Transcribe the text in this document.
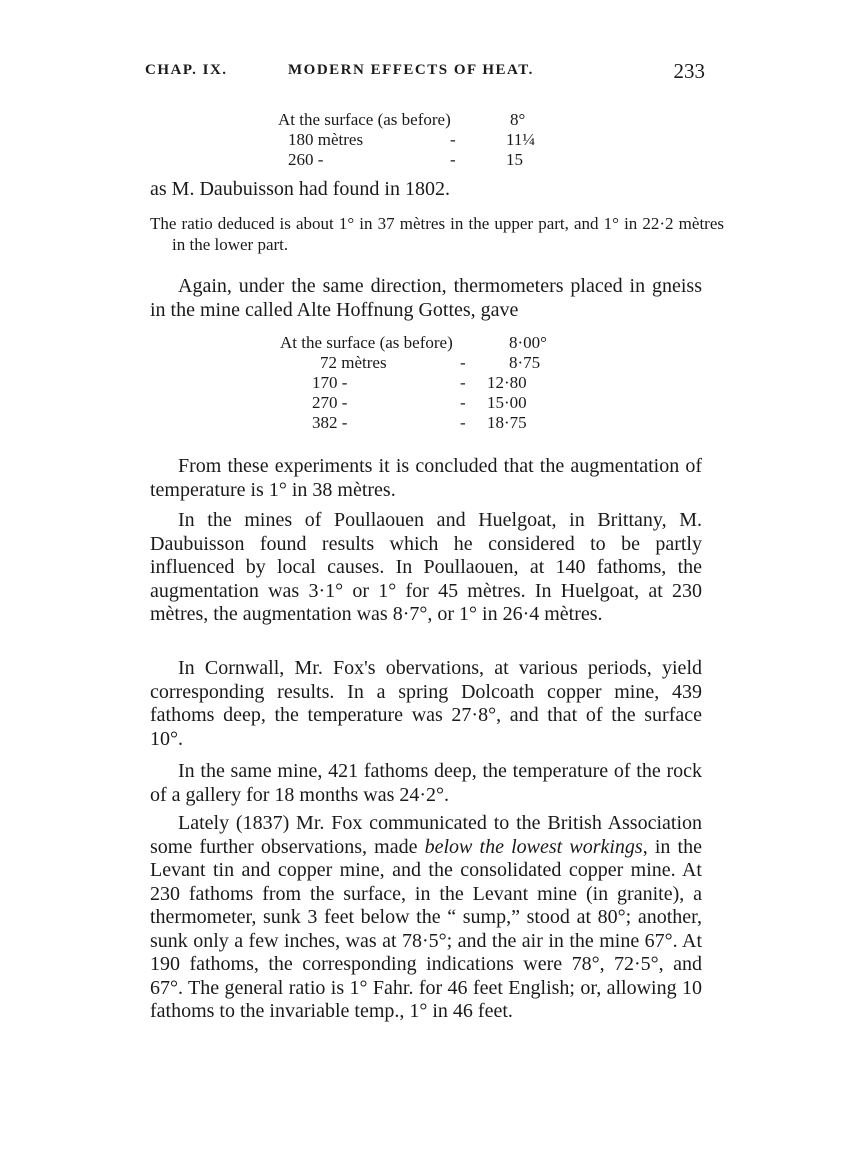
CHAP. IX.	MODERN EFFECTS OF HEAT.	233
At the surface (as before)	8°
180 mètres	-	11¼
260 -	-	15
as M. Daubuisson had found in 1802.
The ratio deduced is about 1° in 37 mètres in the upper part, and 1° in 22·2 mètres in the lower part.
Again, under the same direction, thermometers placed in gneiss in the mine called Alte Hoffnung Gottes, gave
At the surface (as before)	8·00°
72 mètres	-	8·75
170 -	- 12·80
270 -	- 15·00
382 -	- 18·75
From these experiments it is concluded that the augmentation of temperature is 1° in 38 mètres.
In the mines of Poullaouen and Huelgoat, in Brittany, M. Daubuisson found results which he considered to be partly influenced by local causes. In Poullaouen, at 140 fathoms, the augmentation was 3·1° or 1° for 45 mètres. In Huelgoat, at 230 mètres, the augmentation was 8·7°, or 1° in 26·4 mètres.
In Cornwall, Mr. Fox's obervations, at various periods, yield corresponding results. In a spring Dolcoath copper mine, 439 fathoms deep, the temperature was 27·8°, and that of the surface 10°.
In the same mine, 421 fathoms deep, the temperature of the rock of a gallery for 18 months was 24·2°.
Lately (1837) Mr. Fox communicated to the British Association some further observations, made below the lowest workings, in the Levant tin and copper mine, and the consolidated copper mine. At 230 fathoms from the surface, in the Levant mine (in granite), a thermometer, sunk 3 feet below the “ sump,” stood at 80°; another, sunk only a few inches, was at 78·5°; and the air in the mine 67°. At 190 fathoms, the corresponding indications were 78°, 72·5°, and 67°. The general ratio is 1° Fahr. for 46 feet English; or, allowing 10 fathoms to the invariable temp., 1° in 46 feet.
